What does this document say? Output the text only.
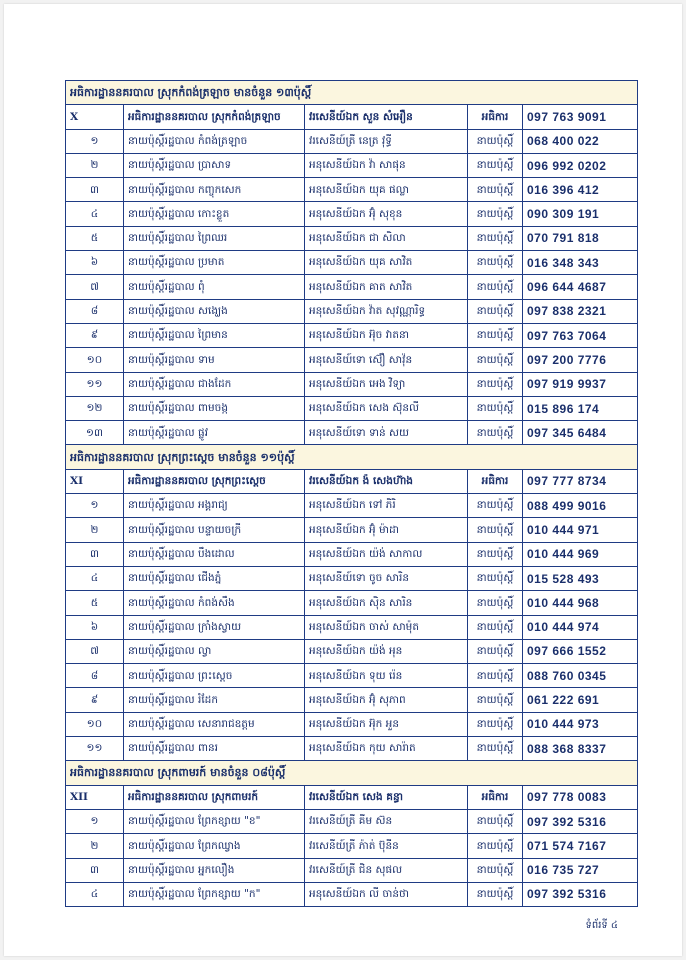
អធិការដ្ឋាននគរបាល ស្រុកកំពង់ត្រឡាច មានចំនួន ១៣ប៉ុស្ដិ៍				
X	អធិការដ្ឋាននគរបាល ស្រុកកំពង់ត្រឡាច	វរសេនីយ៍ឯក សួន សំអឿន	អធិការ	097 763 9091
១	នាយប៉ុស្ដិ៍រដ្ឋបាល កំពង់ត្រឡាច	វរសេនីយ៍ត្រី នេត្រ វុទ្ធី	នាយប៉ុស្ដិ៍	068 400 022
២	នាយប៉ុស្ដិ៍រដ្ឋបាល ប្រាសាទ	អនុសេនីយ៍ឯក វ៉ា សាផុន	នាយប៉ុស្ដិ៍	096 992 0202
៣	នាយប៉ុស្ដិ៍រដ្ឋបាល កញ្ចុកសេក	អនុសេនីយ៍ឯក យុគ ផល្លា	នាយប៉ុស្ដិ៍	016 396 412
៤	នាយប៉ុស្ដិ៍រដ្ឋបាល កោះខ្លួត	អនុសេនីយ៍ឯក អ៊ុំ សុខុន	នាយប៉ុស្ដិ៍	090 309 191
៥	នាយប៉ុស្ដិ៍រដ្ឋបាល ព្រៃឈរ	អនុសេនីយ៍ឯក ជា សិលា	នាយប៉ុស្ដិ៍	070 791 818
៦	នាយប៉ុស្ដិ៍រដ្ឋបាល ប្រមាត	អនុសេនីយ៍ឯក យុគ សាវិត	នាយប៉ុស្ដិ៍	016 348 343
៧	នាយប៉ុស្ដិ៍រដ្ឋបាល ពុំ	អនុសេនីយ៍ឯក គាត សាវិត	នាយប៉ុស្ដិ៍	096 644 4687
៨	នាយប៉ុស្ដិ៍រដ្ឋបាល សង្ឃេង	អនុសេនីយ៍ឯក វ៉ាត សុវណ្ណារិទ្ធ	នាយប៉ុស្ដិ៍	097 838 2321
៩	នាយប៉ុស្ដិ៍រដ្ឋបាល ព្រៃមាន	អនុសេនីយ៍ឯក អ៊ុច វាតនា	នាយប៉ុស្ដិ៍	097 763 7064
១០	នាយប៉ុស្ដិ៍រដ្ឋបាល ទាម	អនុសេនីយ៍ទោ ស៊ឿ សាវ៉ុន	នាយប៉ុស្ដិ៍	097 200 7776
១១	នាយប៉ុស្ដិ៍រដ្ឋបាល ជាងដែក	អនុសេនីយ៍ឯក អេង វិទ្យា	នាយប៉ុស្ដិ៍	097 919 9937
១២	នាយប៉ុស្ដិ៍រដ្ឋបាល ពាមចង្ក	អនុសេនីយ៍ឯក សេង ស៊ុនលី	នាយប៉ុស្ដិ៍	015 896 174
១៣	នាយប៉ុស្ដិ៍រដ្ឋបាល ផ្លូវ	អនុសេនីយ៍ទោ ទាន់ សយ	នាយប៉ុស្ដិ៍	097 345 6484
អធិការដ្ឋាននគរបាល ស្រុកព្រះស្ដេច មានចំនួន ១១ប៉ុស្ដិ៍				
XI	អធិការដ្ឋាននគរបាល ស្រុកព្រះស្ដេច	វរសេនីយ៍ឯក ង៉ សេងហ៊ាង	អធិការ	097 777 8734
១	នាយប៉ុស្ដិ៍រដ្ឋបាល អង្គរាជ្យ	អនុសេនីយ៍ឯក ទៅ ភិរិ	នាយប៉ុស្ដិ៍	088 499 9016
២	នាយប៉ុស្ដិ៍រដ្ឋបាល បន្ទាយចក្រី	អនុសេនីយ៍ឯក អ៊ុំ ម៉ាដា	នាយប៉ុស្ដិ៍	010 444 971
៣	នាយប៉ុស្ដិ៍រដ្ឋបាល បឹងដោល	អនុសេនីយ៍ឯក យ៉ង់ សាកាល	នាយប៉ុស្ដិ៍	010 444 969
៤	នាយប៉ុស្ដិ៍រដ្ឋបាល ជើងភ្នំ	អនុសេនីយ៍ទោ ចូច សារិន	នាយប៉ុស្ដិ៍	015 528 493
៥	នាយប៉ុស្ដិ៍រដ្ឋបាល កំពង់សឹង	អនុសេនីយ៍ឯក ស៊ិន សារិន	នាយប៉ុស្ដិ៍	010 444 968
៦	នាយប៉ុស្ដិ៍រដ្ឋបាល ក្រាំងស្វាយ	អនុសេនីយ៍ឯក ចាស់ សាម៉ុត	នាយប៉ុស្ដិ៍	010 444 974
៧	នាយប៉ុស្ដិ៍រដ្ឋបាល ល្វា	អនុសេនីយ៍ឯក យ៉ង់ អុន	នាយប៉ុស្ដិ៍	097 666 1552
៨	នាយប៉ុស្ដិ៍រដ្ឋបាល ព្រះស្ដេច	អនុសេនីយ៍ឯក ទុយ រ៉េន	នាយប៉ុស្ដិ៍	088 760 0345
៩	នាយប៉ុស្ដិ៍រដ្ឋបាល រំដែក	អនុសេនីយ៍ឯក អ៊ុំ សុភាព	នាយប៉ុស្ដិ៍	061 222 691
១០	នាយប៉ុស្ដិ៍រដ្ឋបាល សេនារាជឧត្ដម	អនុសេនីយ៍ឯក អ៊ុក អួន	នាយប៉ុស្ដិ៍	010 444 973
១១	នាយប៉ុស្ដិ៍រដ្ឋបាល ពានរ	អនុសេនីយ៍ឯក កុយ សារ៉ាត	នាយប៉ុស្ដិ៍	088 368 8337
អធិការដ្ឋាននគរបាល ស្រុកពាមរក៍ មានចំនួន ០៨ប៉ុស្ដិ៍				
XII	អធិការដ្ឋាននគរបាល ស្រុកពាមរក៍	វរសេនីយ៍ឯក សេង គន្ធា	អធិការ	097 778 0083
១	នាយប៉ុស្ដិ៍រដ្ឋបាល ព្រែកខ្សាយ "ខ"	វរសេនីយ៍ត្រី គីម ស៊ន	នាយប៉ុស្ដិ៍	097 392 5316
២	នាយប៉ុស្ដិ៍រដ្ឋបាល ព្រែកឈ្វាង	វរសេនីយ៍ត្រី ភ៉ាត់ ប៊ុនីន	នាយប៉ុស្ដិ៍	071 574 7167
៣	នាយប៉ុស្ដិ៍រដ្ឋបាល អ្នកលឿង	វរសេនីយ៍ត្រី ជិន សុផល	នាយប៉ុស្ដិ៍	016 735 727
៤	នាយប៉ុស្ដិ៍រដ្ឋបាល ព្រែកខ្សាយ "ក"	អនុសេនីយ៍ឯក លី ចាន់ថា	នាយប៉ុស្ដិ៍	097 392 5316
ទំព័រទី ៤
